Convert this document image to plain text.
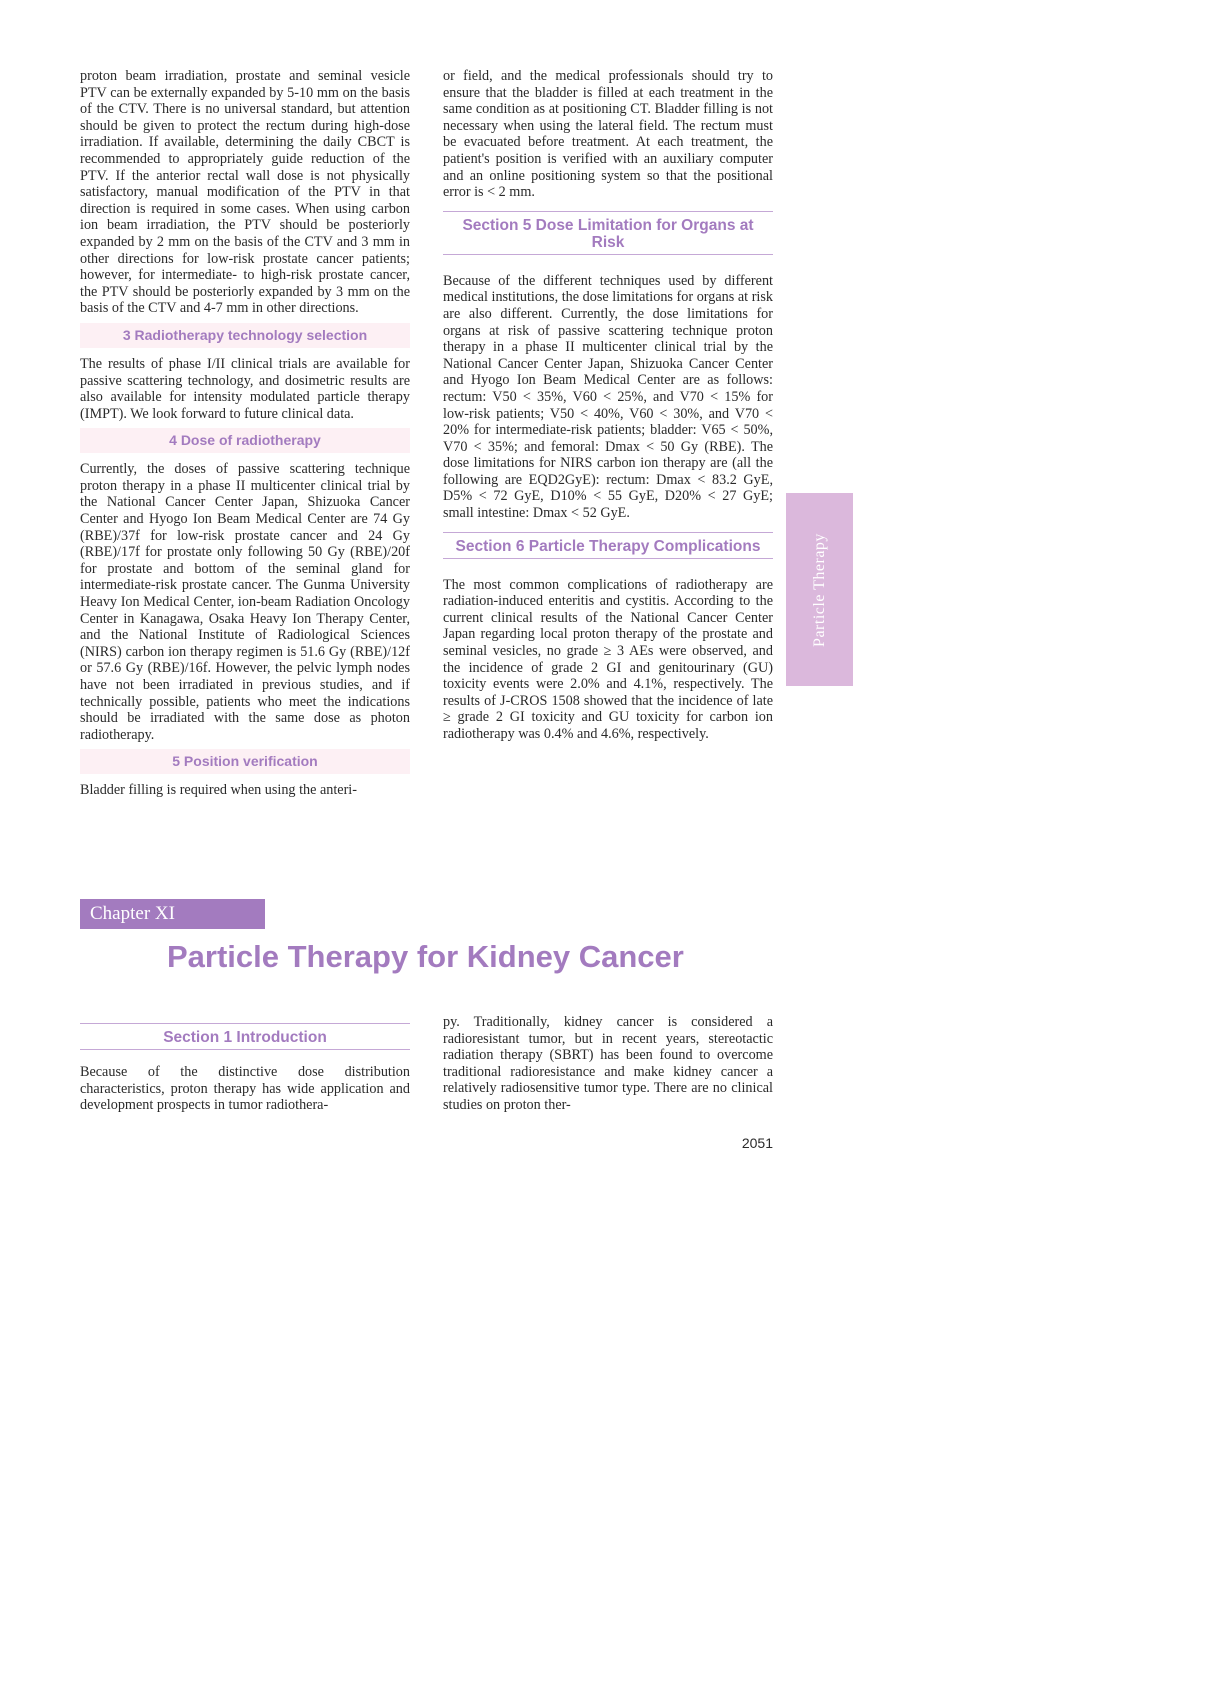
proton beam irradiation, prostate and seminal vesicle PTV can be externally expanded by 5-10 mm on the basis of the CTV. There is no universal standard, but attention should be given to protect the rectum during high-dose irradiation. If available, determining the daily CBCT is recommended to appropriately guide reduction of the PTV. If the anterior rectal wall dose is not physically satisfactory, manual modification of the PTV in that direction is required in some cases. When using carbon ion beam irradiation, the PTV should be posteriorly expanded by 2 mm on the basis of the CTV and 3 mm in other directions for low-risk prostate cancer patients; however, for intermediate- to high-risk prostate cancer, the PTV should be posteriorly expanded by 3 mm on the basis of the CTV and 4-7 mm in other directions.

3 Radiotherapy technology selection

The results of phase I/II clinical trials are available for passive scattering technology, and dosimetric results are also available for intensity modulated particle therapy (IMPT). We look forward to future clinical data.

4 Dose of radiotherapy

Currently, the doses of passive scattering technique proton therapy in a phase II multicenter clinical trial by the National Cancer Center Japan, Shizuoka Cancer Center and Hyogo Ion Beam Medical Center are 74 Gy (RBE)/37f for low-risk prostate cancer and 24 Gy (RBE)/17f for prostate only following 50 Gy (RBE)/20f for prostate and bottom of the seminal gland for intermediate-risk prostate cancer. The Gunma University Heavy Ion Medical Center, ion-beam Radiation Oncology Center in Kanagawa, Osaka Heavy Ion Therapy Center, and the National Institute of Radiological Sciences (NIRS) carbon ion therapy regimen is 51.6 Gy (RBE)/12f or 57.6 Gy (RBE)/16f. However, the pelvic lymph nodes have not been irradiated in previous studies, and if technically possible, patients who meet the indications should be irradiated with the same dose as photon radiotherapy.

5 Position verification

Bladder filling is required when using the anteri-

or field, and the medical professionals should try to ensure that the bladder is filled at each treatment in the same condition as at positioning CT. Bladder filling is not necessary when using the lateral field. The rectum must be evacuated before treatment. At each treatment, the patient's position is verified with an auxiliary computer and an online positioning system so that the positional error is < 2 mm.

Section 5 Dose Limitation for Organs at Risk

Because of the different techniques used by different medical institutions, the dose limitations for organs at risk are also different. Currently, the dose limitations for organs at risk of passive scattering technique proton therapy in a phase II multicenter clinical trial by the National Cancer Center Japan, Shizuoka Cancer Center and Hyogo Ion Beam Medical Center are as follows: rectum: V50 < 35%, V60 < 25%, and V70 < 15% for low-risk patients; V50 < 40%, V60 < 30%, and V70 < 20% for intermediate-risk patients; bladder: V65 < 50%, V70 < 35%; and femoral: Dmax < 50 Gy (RBE). The dose limitations for NIRS carbon ion therapy are (all the following are EQD2GyE): rectum: Dmax < 83.2 GyE, D5% < 72 GyE, D10% < 55 GyE, D20% < 27 GyE; small intestine: Dmax < 52 GyE.

Section 6 Particle Therapy Complications

The most common complications of radiotherapy are radiation-induced enteritis and cystitis. According to the current clinical results of the National Cancer Center Japan regarding local proton therapy of the prostate and seminal vesicles, no grade ≥ 3 AEs were observed, and the incidence of grade 2 GI and genitourinary (GU) toxicity events were 2.0% and 4.1%, respectively. The results of J-CROS 1508 showed that the incidence of late ≥ grade 2 GI toxicity and GU toxicity for carbon ion radiotherapy was 0.4% and 4.6%, respectively.

Particle Therapy
Chapter XI
Particle Therapy for Kidney Cancer
Section 1 Introduction

Because of the distinctive dose distribution characteristics, proton therapy has wide application and development prospects in tumor radiothera-

py. Traditionally, kidney cancer is considered a radioresistant tumor, but in recent years, stereotactic radiation therapy (SBRT) has been found to overcome traditional radioresistance and make kidney cancer a relatively radiosensitive tumor type. There are no clinical studies on proton ther-

2051
